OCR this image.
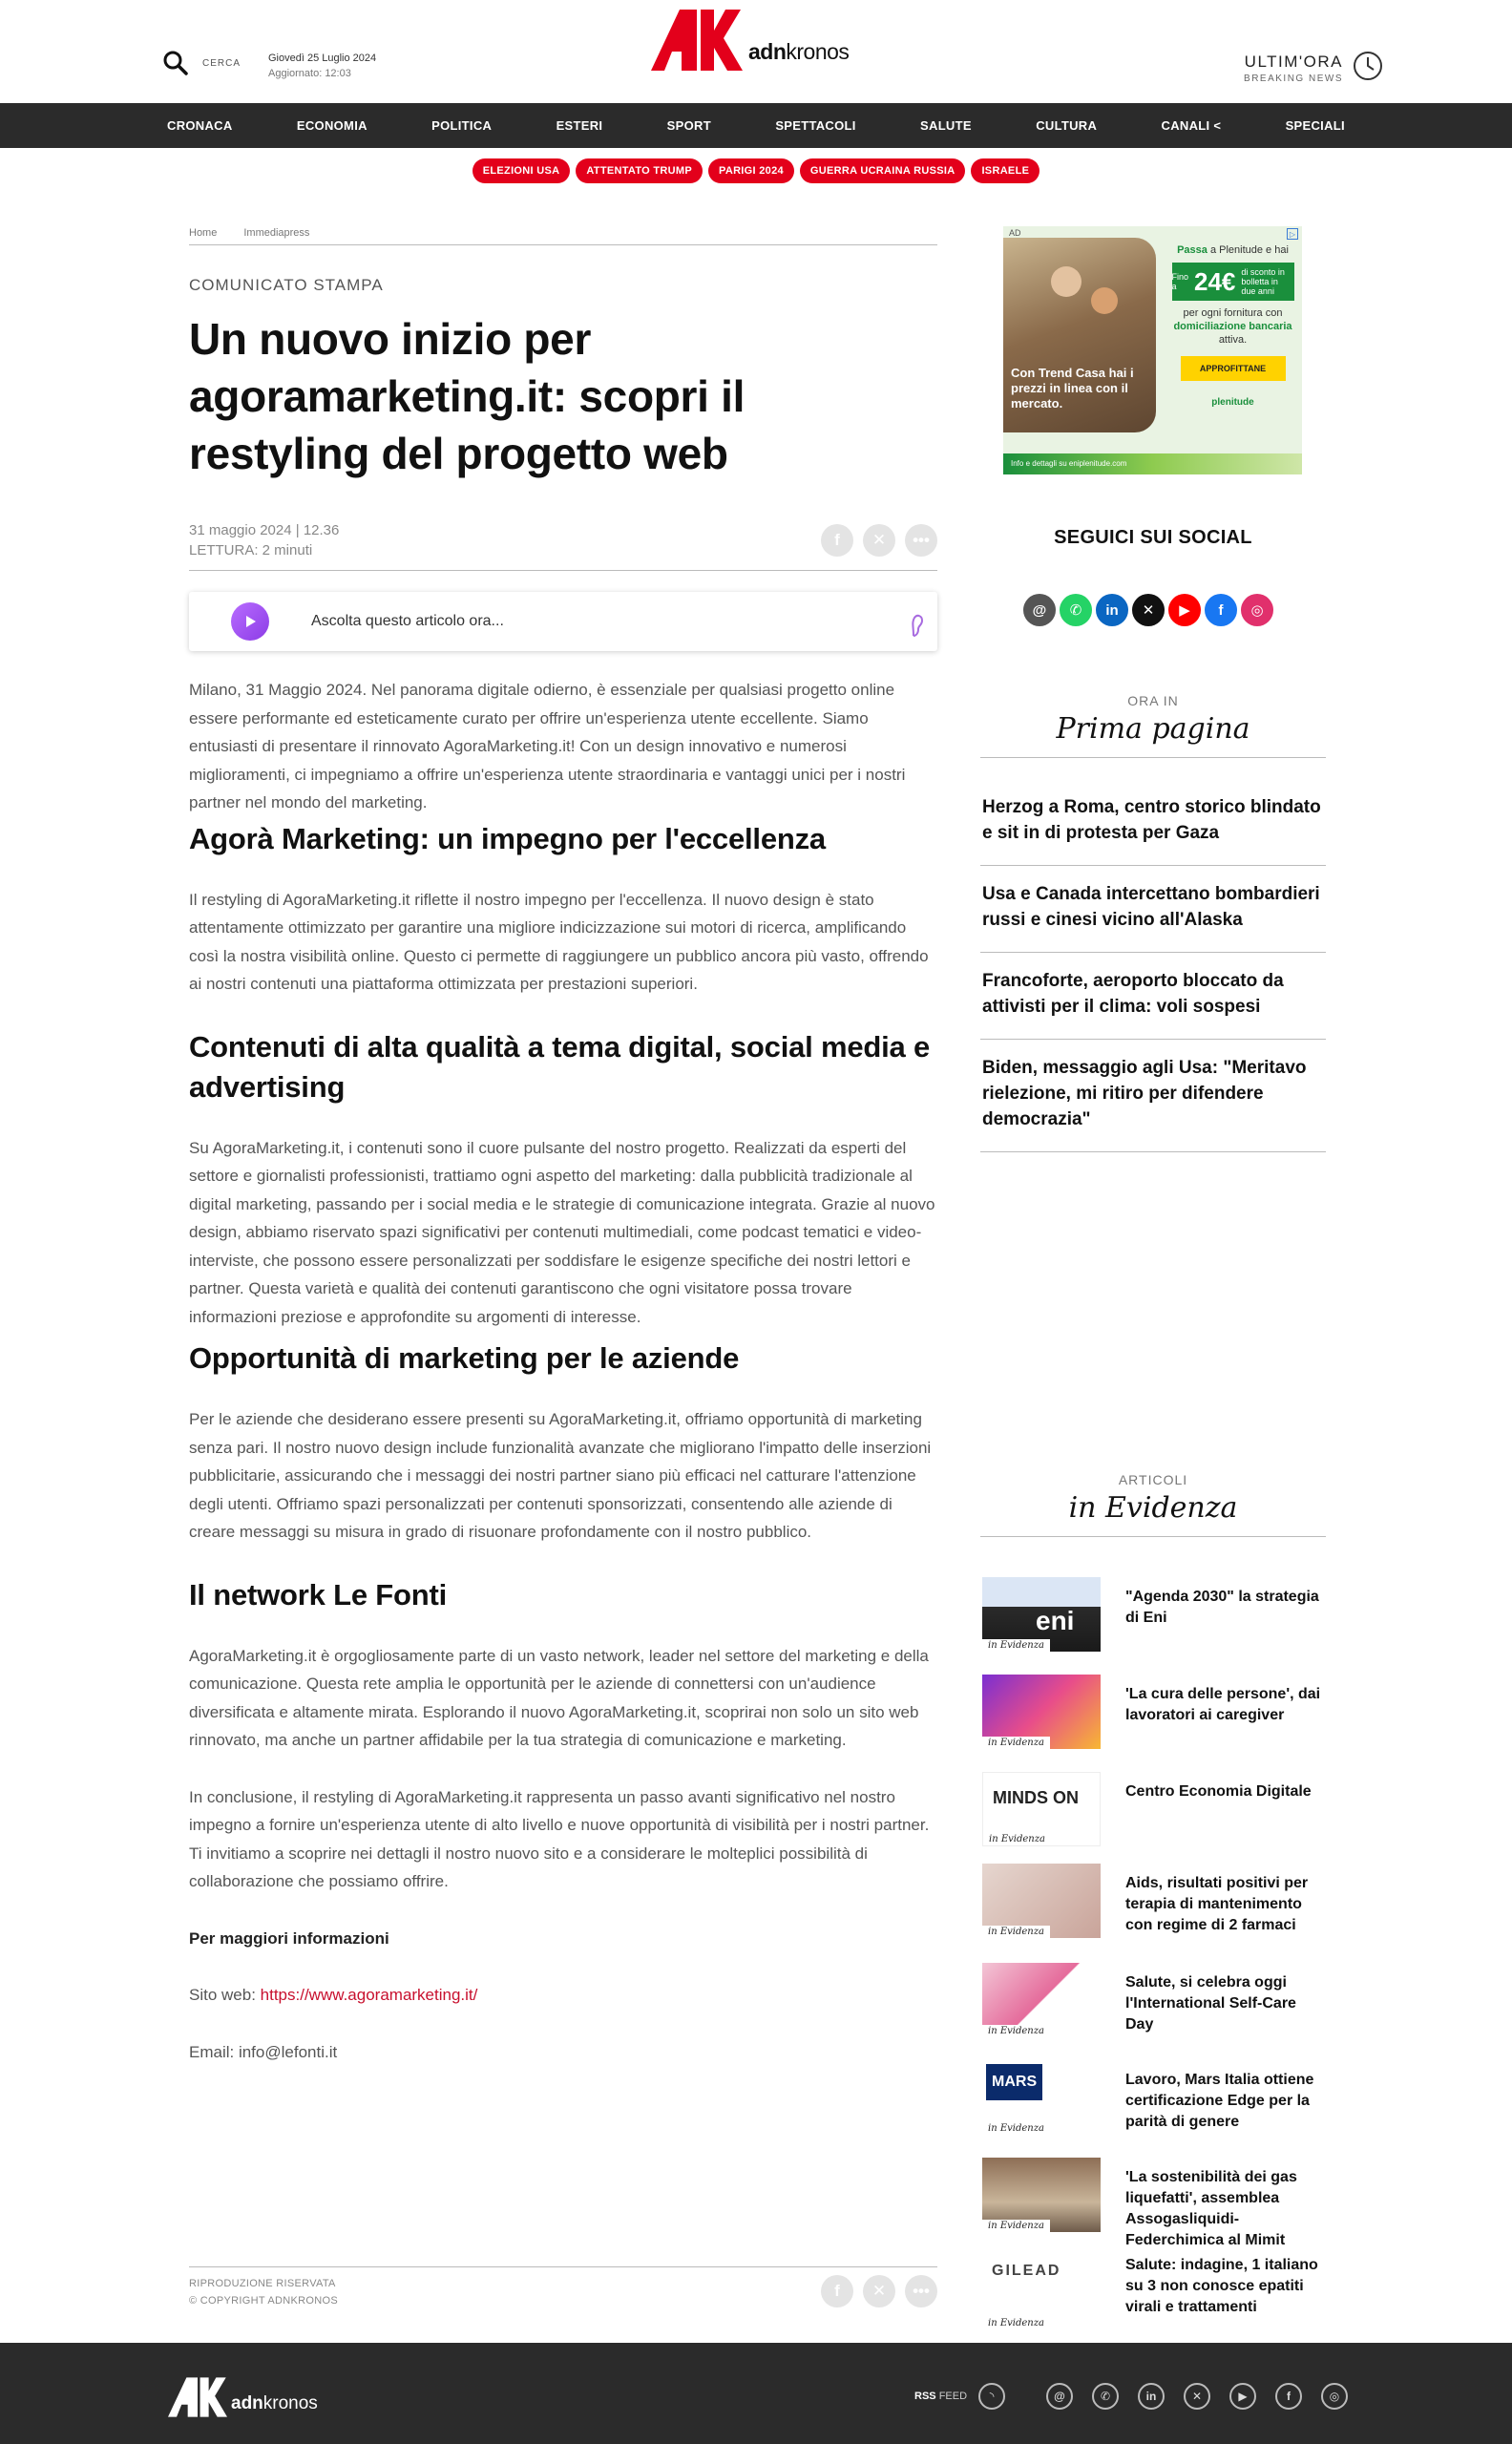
CERCA	Giovedì 25 Luglio 2024
Aggiornato: 12:03
adnkronos	ULTIM'ORA
BREAKING NEWS
CRONACA	ECONOMIA	POLITICA	ESTERI	SPORT	SPETTACOLI	SALUTE	CULTURA	CANALI <	SPECIALI
ELEZIONI USA	ATTENTATO TRUMP	PARIGI 2024	GUERRA UCRAINA RUSSIA	ISRAELE
Home	Immediapress
COMUNICATO STAMPA
Un nuovo inizio per agoramarketing.it: scopri il restyling del progetto web
31 maggio 2024 | 12.36
LETTURA: 2 minuti
f	✕	•••
Ascolta questo articolo ora...

Milano, 31 Maggio 2024. Nel panorama digitale odierno, è essenziale per qualsiasi progetto online essere performante ed esteticamente curato per offrire un'esperienza utente eccellente. Siamo entusiasti di presentare il rinnovato AgoraMarketing.it! Con un design innovativo e numerosi miglioramenti, ci impegniamo a offrire un'esperienza utente straordinaria e vantaggi unici per i nostri partner nel mondo del marketing.

Agorà Marketing: un impegno per l'eccellenza

Il restyling di AgoraMarketing.it riflette il nostro impegno per l'eccellenza. Il nuovo design è stato attentamente ottimizzato per garantire una migliore indicizzazione sui motori di ricerca, amplificando così la nostra visibilità online. Questo ci permette di raggiungere un pubblico ancora più vasto, offrendo ai nostri contenuti una piattaforma ottimizzata per prestazioni superiori.

Contenuti di alta qualità a tema digital, social media e advertising

Su AgoraMarketing.it, i contenuti sono il cuore pulsante del nostro progetto. Realizzati da esperti del settore e giornalisti professionisti, trattiamo ogni aspetto del marketing: dalla pubblicità tradizionale al digital marketing, passando per i social media e le strategie di comunicazione integrata. Grazie al nuovo design, abbiamo riservato spazi significativi per contenuti multimediali, come podcast tematici e video-interviste, che possono essere personalizzati per soddisfare le esigenze specifiche dei nostri lettori e partner. Questa varietà e qualità dei contenuti garantiscono che ogni visitatore possa trovare informazioni preziose e approfondite su argomenti di interesse.

Opportunità di marketing per le aziende

Per le aziende che desiderano essere presenti su AgoraMarketing.it, offriamo opportunità di marketing senza pari. Il nostro nuovo design include funzionalità avanzate che migliorano l'impatto delle inserzioni pubblicitarie, assicurando che i messaggi dei nostri partner siano più efficaci nel catturare l'attenzione degli utenti. Offriamo spazi personalizzati per contenuti sponsorizzati, consentendo alle aziende di creare messaggi su misura in grado di risuonare profondamente con il nostro pubblico.

Il network Le Fonti

AgoraMarketing.it è orgogliosamente parte di un vasto network, leader nel settore del marketing e della comunicazione. Questa rete amplia le opportunità per le aziende di connettersi con un'audience diversificata e altamente mirata. Esplorando il nuovo AgoraMarketing.it, scoprirai non solo un sito web rinnovato, ma anche un partner affidabile per la tua strategia di comunicazione e marketing.

In conclusione, il restyling di AgoraMarketing.it rappresenta un passo avanti significativo nel nostro impegno a fornire un'esperienza utente di alto livello e nuove opportunità di visibilità per i nostri partner. Ti invitiamo a scoprire nei dettagli il nostro nuovo sito e a considerare le molteplici possibilità di collaborazione che possiamo offrire.

Per maggiori informazioni

Sito web: https://www.agoramarketing.it/

Email: info@lefonti.it

RIPRODUZIONE RISERVATA
© COPYRIGHT ADNKRONOS
f	✕	•••
AD	▷
Con Trend Casa hai i prezzi in linea con il mercato.
Passa a Plenitude e hai
Fino a 24€ di sconto in bolletta in due anni
per ogni fornitura con
domiciliazione bancaria attiva.
APPROFITTANE
plenitude
Info e dettagli su eniplenitude.com
SEGUICI SUI SOCIAL
@	✆	in	✕	▶	f	◎
ORA IN
Prima pagina
Herzog a Roma, centro storico blindato e sit in di protesta per Gaza
Usa e Canada intercettano bombardieri russi e cinesi vicino all'Alaska
Francoforte, aeroporto bloccato da attivisti per il clima: voli sospesi
Biden, messaggio agli Usa: "Meritavo rielezione, mi ritiro per difendere democrazia"
ARTICOLI
in Evidenza
eni
in Evidenza
"Agenda 2030" la strategia di Eni
in Evidenza
'La cura delle persone', dai lavoratori ai caregiver
MINDS ON
in Evidenza
Centro Economia Digitale
in Evidenza
Aids, risultati positivi per terapia di mantenimento con regime di 2 farmaci
in Evidenza
Salute, si celebra oggi l'International Self-Care Day
MARS
in Evidenza
Lavoro, Mars Italia ottiene certificazione Edge per la parità di genere
in Evidenza
'La sostenibilità dei gas liquefatti', assemblea Assogasliquidi-Federchimica al Mimit
GILEAD
in Evidenza
Salute: indagine, 1 italiano su 3 non conosce epatiti virali e trattamenti
adnkronos	RSS FEED	◝	@	✆	in	✕	▶	f	◎
